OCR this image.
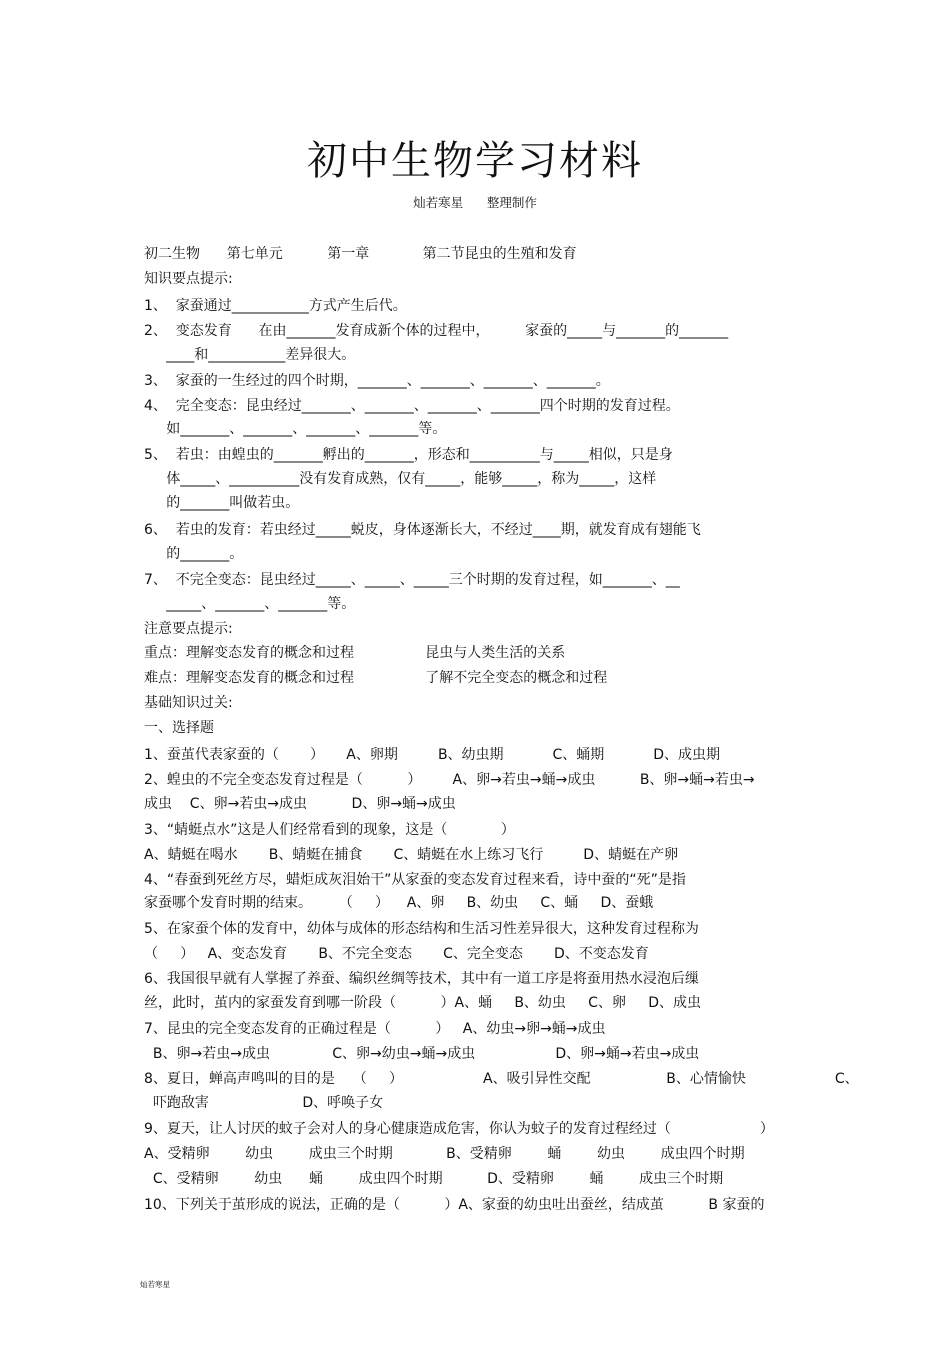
初中生物学习材料
灿若寒星      整理制作
初二生物      第七单元          第一章            第二节昆虫的生殖和发育
知识要点提示:
1、  家蚕通过___________方式产生后代。
2、  变态发育      在由_______发育成新个体的过程中，        家蚕的_____与_______的_______
____和___________差异很大。
3、  家蚕的一生经过的四个时期，_______、_______、_______、_______。
4、  完全变态：昆虫经过_______、_______、_______、_______四个时期的发育过程。
如_______、_______、_______、_______等。
5、  若虫：由蝗虫的_______孵出的_______，形态和__________与_____相似，只是身
体_____、__________没有发育成熟，仅有_____，能够_____，称为_____，这样
的_______叫做若虫。
6、  若虫的发育：若虫经过_____蜕皮，身体逐渐长大，不经过____期，就发育成有翅能飞
的_______。
7、  不完全变态：昆虫经过_____、_____、_____三个时期的发育过程，如_______、__
_____、_______、_______等。
注意要点提示:
重点：理解变态发育的概念和过程                昆虫与人类生活的关系
难点：理解变态发育的概念和过程                了解不完全变态的概念和过程
基础知识过关:
一、选择题
1、蚕茧代表家蚕的（       ）     A、卵期         B、幼虫期           C、蛹期           D、成虫期
2、蝗虫的不完全变态发育过程是（          ）       A、卵→若虫→蛹→成虫          B、卵→蛹→若虫→
成虫    C、卵→若虫→成虫          D、卵→蛹→成虫
3、“蜻蜓点水”这是人们经常看到的现象，这是（            ）
A、蜻蜓在喝水       B、蜻蜓在捕食       C、蜻蜓在水上练习飞行         D、蜻蜓在产卵
4、“春蚕到死丝方尽，蜡炬成灰泪始干”从家蚕的变态发育过程来看，诗中蚕的“死”是指
家蚕哪个发育时期的结束。      （     ）    A、卵     B、幼虫     C、蛹     D、蚕蛾
5、在家蚕个体的发育中，幼体与成体的形态结构和生活习性差异很大，这种发育过程称为
（     ）   A、变态发育       B、不完全变态       C、完全变态       D、不变态发育
6、我国很早就有人掌握了养蚕、编织丝绸等技术，其中有一道工序是将蚕用热水浸泡后缫
丝，此时，茧内的家蚕发育到哪一阶段（          ）A、蛹     B、幼虫     C、卵     D、成虫
7、昆虫的完全变态发育的正确过程是（          ）   A、幼虫→卵→蛹→成虫
B、卵→若虫→成虫              C、卵→幼虫→蛹→成虫                  D、卵→蛹→若虫→成虫
8、夏日，蝉高声鸣叫的目的是    （     ）                  A、吸引异性交配                 B、心情愉快                    C、
吓跑敌害                     D、呼唤子女
9、夏天，让人讨厌的蚊子会对人的身心健康造成危害，你认为蚊子的发育过程经过（                    ）
A、受精卵        幼虫        成虫三个时期            B、受精卵        蛹        幼虫        成虫四个时期
C、受精卵        幼虫      蛹        成虫四个时期          D、受精卵        蛹        成虫三个时期
10、下列关于茧形成的说法，正确的是（          ）A、家蚕的幼虫吐出蚕丝，结成茧          B 家蚕的
灿若寒星
